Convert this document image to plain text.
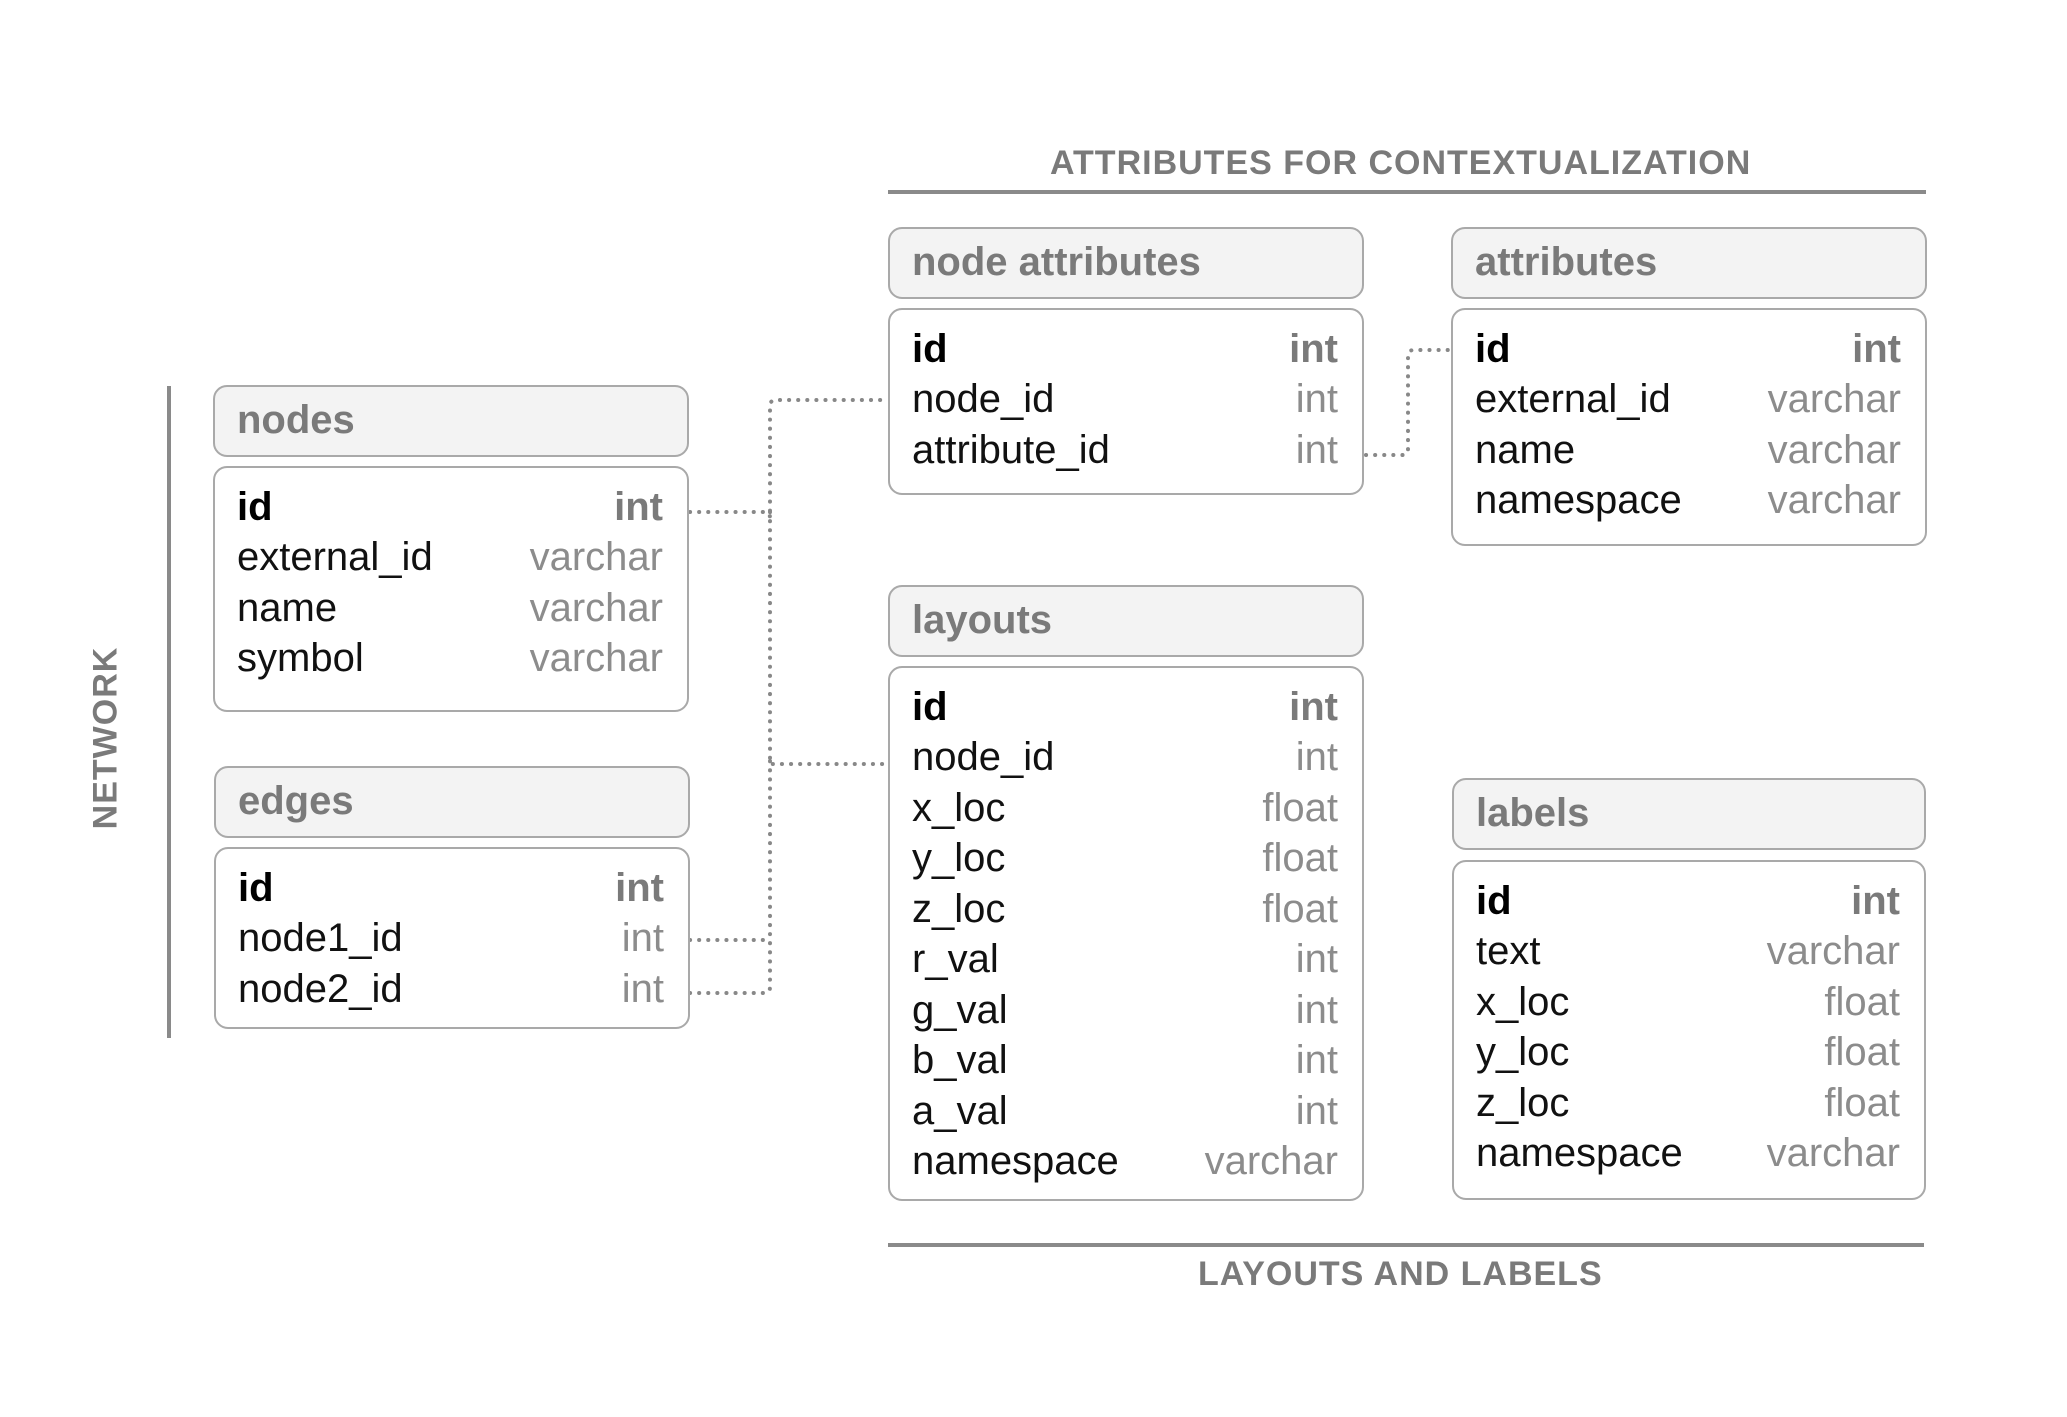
ATTRIBUTES FOR CONTEXTUALIZATION
LAYOUTS AND LABELS
NETWORK
nodes
id	int
external_id varchar
name	varchar
symbol	varchar
edges
id	int
node1_id	int
node2_id	int
node attributes
id	int
node_id	int
attribute_id	int
attributes
id	int
external_id varchar
name	varchar
namespace varchar
layouts
id	int
node_id	int
x_loc	float
y_loc	float
z_loc	float
r_val	int
g_val	int
b_val	int
a_val	int
namespace varchar
labels
id	int
text	varchar
x_loc	float
y_loc	float
z_loc	float
namespace varchar
